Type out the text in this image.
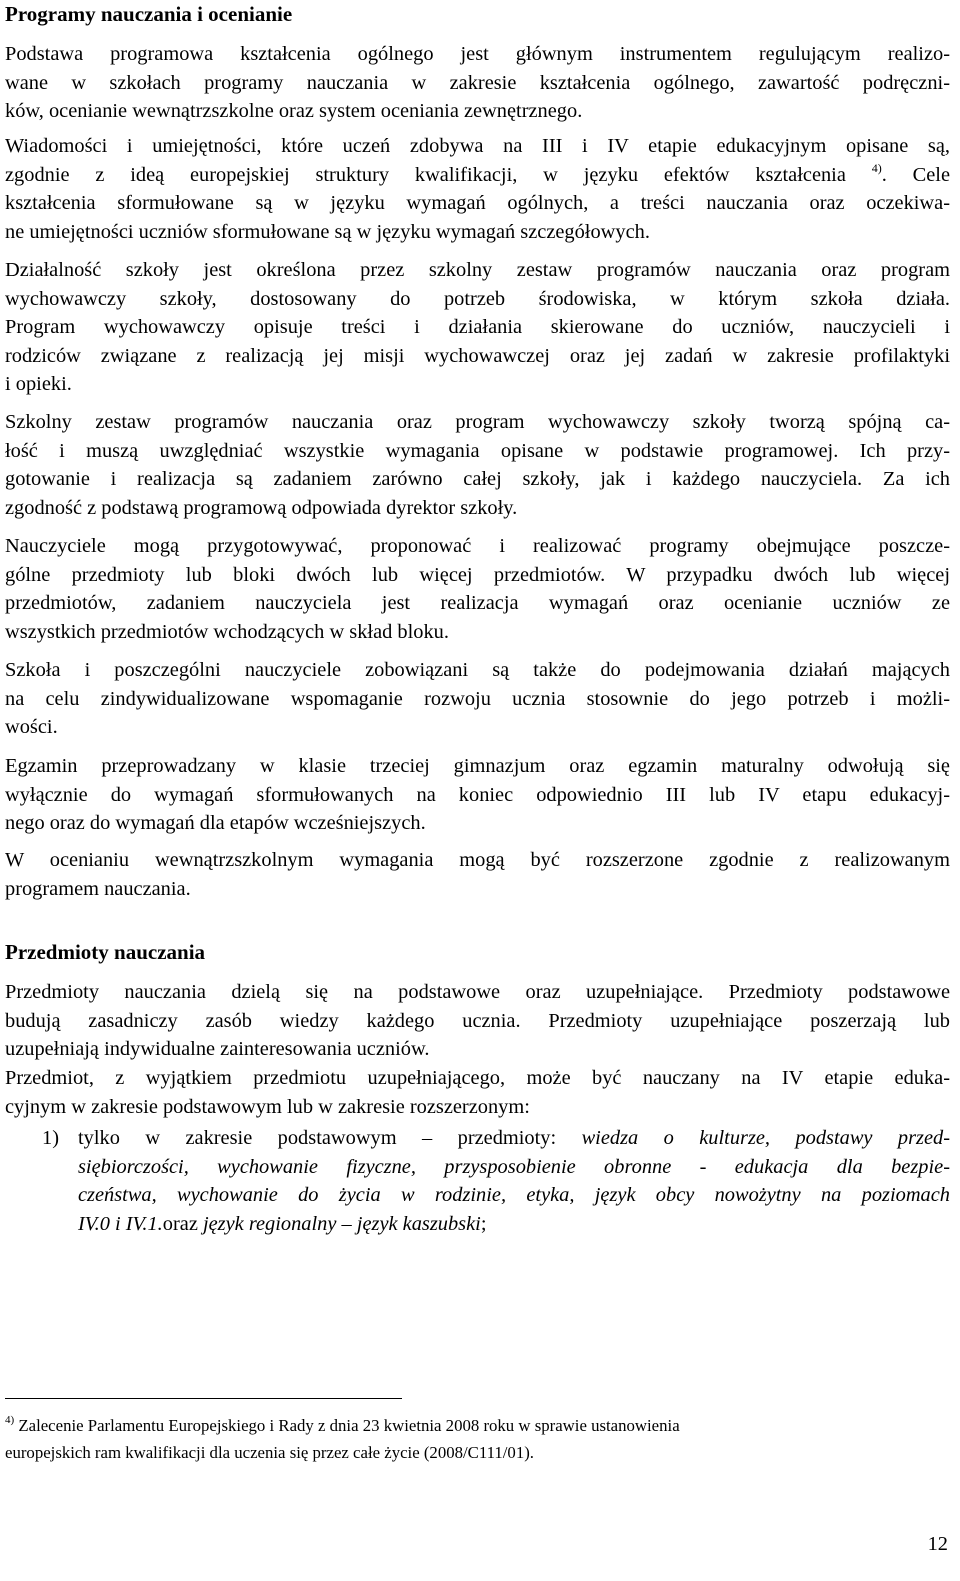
Programy nauczania i ocenianie
Podstawa programowa kształcenia ogólnego jest głównym instrumentem regulującym realizo-
wane w szkołach programy nauczania w zakresie kształcenia ogólnego, zawartość podręczni-
ków, ocenianie wewnątrzszkolne oraz system oceniania zewnętrznego.
Wiadomości i umiejętności, które uczeń zdobywa na III i IV etapie edukacyjnym opisane są,
zgodnie z ideą europejskiej struktury kwalifikacji, w języku efektów kształcenia $^{4)}$. Cele
kształcenia sformułowane są w języku wymagań ogólnych, a treści nauczania oraz oczekiwa-
ne umiejętności uczniów sformułowane są w języku wymagań szczegółowych.
Działalność szkoły jest określona przez szkolny zestaw programów nauczania oraz program
wychowawczy szkoły, dostosowany do potrzeb środowiska, w którym szkoła działa.
Program wychowawczy opisuje treści i działania skierowane do uczniów, nauczycieli i
rodziców związane z realizacją jej misji wychowawczej oraz jej zadań w zakresie profilaktyki
i opieki.
Szkolny zestaw programów nauczania oraz program wychowawczy szkoły tworzą spójną ca-
łość i muszą uwzględniać wszystkie wymagania opisane w podstawie programowej. Ich przy-
gotowanie i realizacja są zadaniem zarówno całej szkoły, jak i każdego nauczyciela. Za ich
zgodność z podstawą programową odpowiada dyrektor szkoły.
Nauczyciele mogą przygotowywać, proponować i realizować programy obejmujące poszcze-
gólne przedmioty lub bloki dwóch lub więcej przedmiotów. W przypadku dwóch lub więcej
przedmiotów, zadaniem nauczyciela jest realizacja wymagań oraz ocenianie uczniów ze
wszystkich przedmiotów wchodzących w skład bloku.
Szkoła i poszczególni nauczyciele zobowiązani są także do podejmowania działań mających
na celu zindywidualizowane wspomaganie rozwoju ucznia stosownie do jego potrzeb i możli-
wości.
Egzamin przeprowadzany w klasie trzeciej gimnazjum oraz egzamin maturalny odwołują się
wyłącznie do wymagań sformułowanych na koniec odpowiednio III lub IV etapu edukacyj-
nego oraz do wymagań dla etapów wcześniejszych.
W ocenianiu wewnątrzszkolnym wymagania mogą być rozszerzone zgodnie z realizowanym
programem nauczania.
Przedmioty nauczania
Przedmioty nauczania dzielą się na podstawowe oraz uzupełniające. Przedmioty podstawowe
budują zasadniczy zasób wiedzy każdego ucznia. Przedmioty uzupełniające poszerzają lub
uzupełniają indywidualne zainteresowania uczniów.
Przedmiot, z wyjątkiem przedmiotu uzupełniającego, może być nauczany na IV etapie eduka-
cyjnym w zakresie podstawowym lub w zakresie rozszerzonym:
1) tylko w zakresie podstawowym – przedmioty: wiedza o kulturze, podstawy przed-
siębiorczości, wychowanie fizyczne, przysposobienie obronne - edukacja dla bezpie-
czeństwa, wychowanie do życia w rodzinie, etyka, język obcy nowożytny na poziomach
IV.0 i IV.1.oraz język regionalny – język kaszubski;
$^{4)}$ Zalecenie Parlamentu Europejskiego i Rady z dnia 23 kwietnia 2008 roku w sprawie ustanowienia
europejskich ram kwalifikacji dla uczenia się przez całe życie (2008/C111/01).
12
